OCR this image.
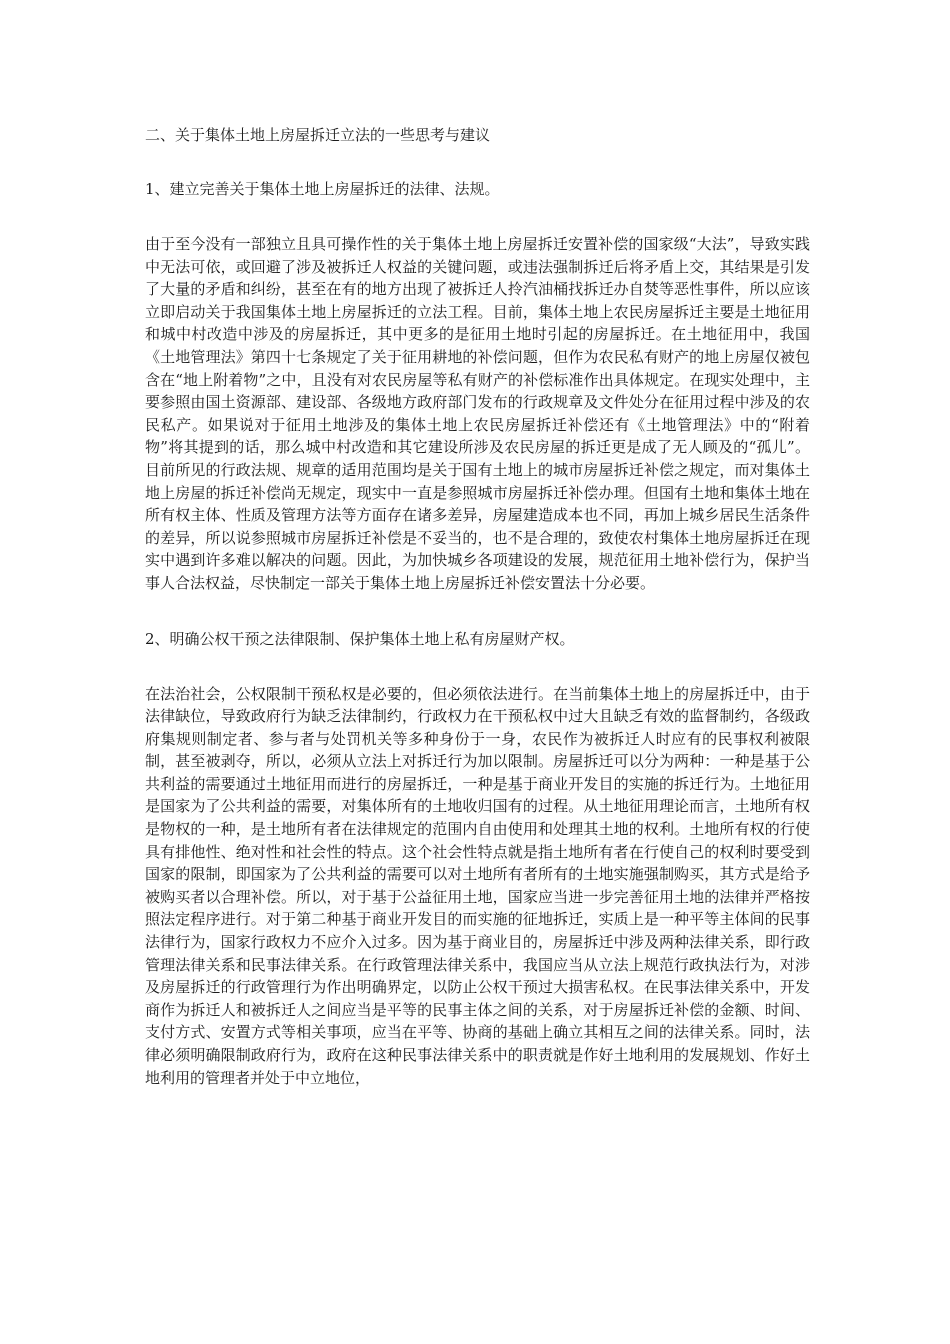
二、关于集体土地上房屋拆迁立法的一些思考与建议

1、建立完善关于集体土地上房屋拆迁的法律、法规。

由于至今没有一部独立且具可操作性的关于集体土地上房屋拆迁安置补偿的国家级“大法”，导致实践中无法可依，或回避了涉及被拆迁人权益的关键问题，或违法强制拆迁后将矛盾上交，其结果是引发了大量的矛盾和纠纷，甚至在有的地方出现了被拆迁人拎汽油桶找拆迁办自焚等恶性事件，所以应该立即启动关于我国集体土地上房屋拆迁的立法工程。目前，集体土地上农民房屋拆迁主要是土地征用和城中村改造中涉及的房屋拆迁，其中更多的是征用土地时引起的房屋拆迁。在土地征用中，我国《土地管理法》第四十七条规定了关于征用耕地的补偿问题，但作为农民私有财产的地上房屋仅被包含在“地上附着物”之中，且没有对农民房屋等私有财产的补偿标准作出具体规定。在现实处理中，主要参照由国土资源部、建设部、各级地方政府部门发布的行政规章及文件处分在征用过程中涉及的农民私产。如果说对于征用土地涉及的集体土地上农民房屋拆迁补偿还有《土地管理法》中的“附着物”将其提到的话，那么城中村改造和其它建设所涉及农民房屋的拆迁更是成了无人顾及的“孤儿”。目前所见的行政法规、规章的适用范围均是关于国有土地上的城市房屋拆迁补偿之规定，而对集体土地上房屋的拆迁补偿尚无规定，现实中一直是参照城市房屋拆迁补偿办理。但国有土地和集体土地在所有权主体、性质及管理方法等方面存在诸多差异，房屋建造成本也不同，再加上城乡居民生活条件的差异，所以说参照城市房屋拆迁补偿是不妥当的，也不是合理的，致使农村集体土地房屋拆迁在现实中遇到许多难以解决的问题。因此，为加快城乡各项建设的发展，规范征用土地补偿行为，保护当事人合法权益，尽快制定一部关于集体土地上房屋拆迁补偿安置法十分必要。

2、明确公权干预之法律限制、保护集体土地上私有房屋财产权。

在法治社会，公权限制干预私权是必要的，但必须依法进行。在当前集体土地上的房屋拆迁中，由于法律缺位，导致政府行为缺乏法律制约，行政权力在干预私权中过大且缺乏有效的监督制约，各级政府集规则制定者、参与者与处罚机关等多种身份于一身，农民作为被拆迁人时应有的民事权利被限制，甚至被剥夺，所以，必须从立法上对拆迁行为加以限制。房屋拆迁可以分为两种：一种是基于公共利益的需要通过土地征用而进行的房屋拆迁，一种是基于商业开发目的实施的拆迁行为。土地征用是国家为了公共利益的需要，对集体所有的土地收归国有的过程。从土地征用理论而言，土地所有权是物权的一种，是土地所有者在法律规定的范围内自由使用和处理其土地的权利。土地所有权的行使具有排他性、绝对性和社会性的特点。这个社会性特点就是指土地所有者在行使自己的权利时要受到国家的限制，即国家为了公共利益的需要可以对土地所有者所有的土地实施强制购买，其方式是给予被购买者以合理补偿。所以，对于基于公益征用土地，国家应当进一步完善征用土地的法律并严格按照法定程序进行。对于第二种基于商业开发目的而实施的征地拆迁，实质上是一种平等主体间的民事法律行为，国家行政权力不应介入过多。因为基于商业目的，房屋拆迁中涉及两种法律关系，即行政管理法律关系和民事法律关系。在行政管理法律关系中，我国应当从立法上规范行政执法行为，对涉及房屋拆迁的行政管理行为作出明确界定，以防止公权干预过大损害私权。在民事法律关系中，开发商作为拆迁人和被拆迁人之间应当是平等的民事主体之间的关系，对于房屋拆迁补偿的金额、时间、支付方式、安置方式等相关事项，应当在平等、协商的基础上确立其相互之间的法律关系。同时，法律必须明确限制政府行为，政府在这种民事法律关系中的职责就是作好土地利用的发展规划、作好土地利用的管理者并处于中立地位，
